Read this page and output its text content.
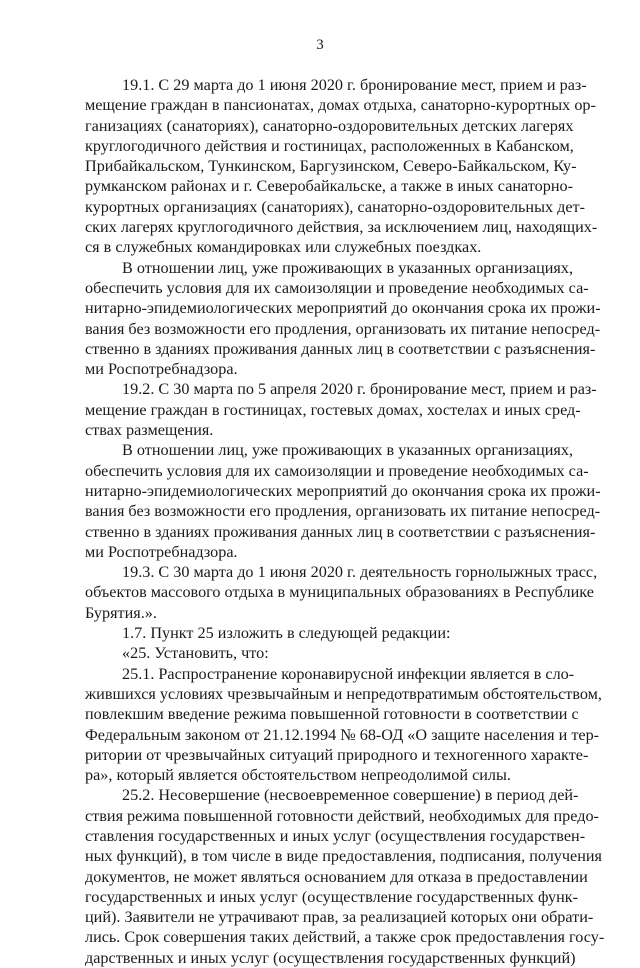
3
19.1. С 29 марта до 1 июня 2020 г. бронирование мест, прием и раз-
мещение граждан в пансионатах, домах отдыха, санаторно-курортных ор-
ганизациях (санаториях), санаторно-оздоровительных детских лагерях
круглогодичного действия и гостиницах, расположенных в Кабанском,
Прибайкальском, Тункинском, Баргузинском, Северо-Байкальском, Ку-
румканском районах и г. Северобайкальске, а также в иных санаторно-
курортных организациях (санаториях), санаторно-оздоровительных дет-
ских лагерях круглогодичного действия, за исключением лиц, находящих-
ся в служебных командировках или служебных поездках.
В отношении лиц, уже проживающих в указанных организациях,
обеспечить условия для их самоизоляции и проведение необходимых са-
нитарно-эпидемиологических мероприятий до окончания срока их прожи-
вания без возможности его продления, организовать их питание непосред-
ственно в зданиях проживания данных лиц в соответствии с разъяснения-
ми Роспотребнадзора.
19.2. С 30 марта по 5 апреля 2020 г. бронирование мест, прием и раз-
мещение граждан в гостиницах, гостевых домах, хостелах и иных сред-
ствах размещения.
В отношении лиц, уже проживающих в указанных организациях,
обеспечить условия для их самоизоляции и проведение необходимых са-
нитарно-эпидемиологических мероприятий до окончания срока их прожи-
вания без возможности его продления, организовать их питание непосред-
ственно в зданиях проживания данных лиц в соответствии с разъяснения-
ми Роспотребнадзора.
19.3. С 30 марта до 1 июня 2020 г. деятельность горнолыжных трасс,
объектов массового отдыха в муниципальных образованиях в Республике
Бурятия.».
1.7. Пункт 25 изложить в следующей редакции:
«25. Установить, что:
25.1. Распространение коронавирусной инфекции является в сло-
жившихся условиях чрезвычайным и непредотвратимым обстоятельством,
повлекшим введение режима повышенной готовности в соответствии с
Федеральным законом от 21.12.1994 № 68-ОД «О защите населения и тер-
ритории от чрезвычайных ситуаций природного и техногенного характе-
ра», который является обстоятельством непреодолимой силы.
25.2. Несовершение (несвоевременное совершение) в период дей-
ствия режима повышенной готовности действий, необходимых для предо-
ставления государственных и иных услуг (осуществления государствен-
ных функций), в том числе в виде предоставления, подписания, получения
документов, не может являться основанием для отказа в предоставлении
государственных и иных услуг (осуществление государственных функ-
ций). Заявители не утрачивают прав, за реализацией которых они обрати-
лись. Срок совершения таких действий, а также срок предоставления госу-
дарственных и иных услуг (осуществления государственных функций)
